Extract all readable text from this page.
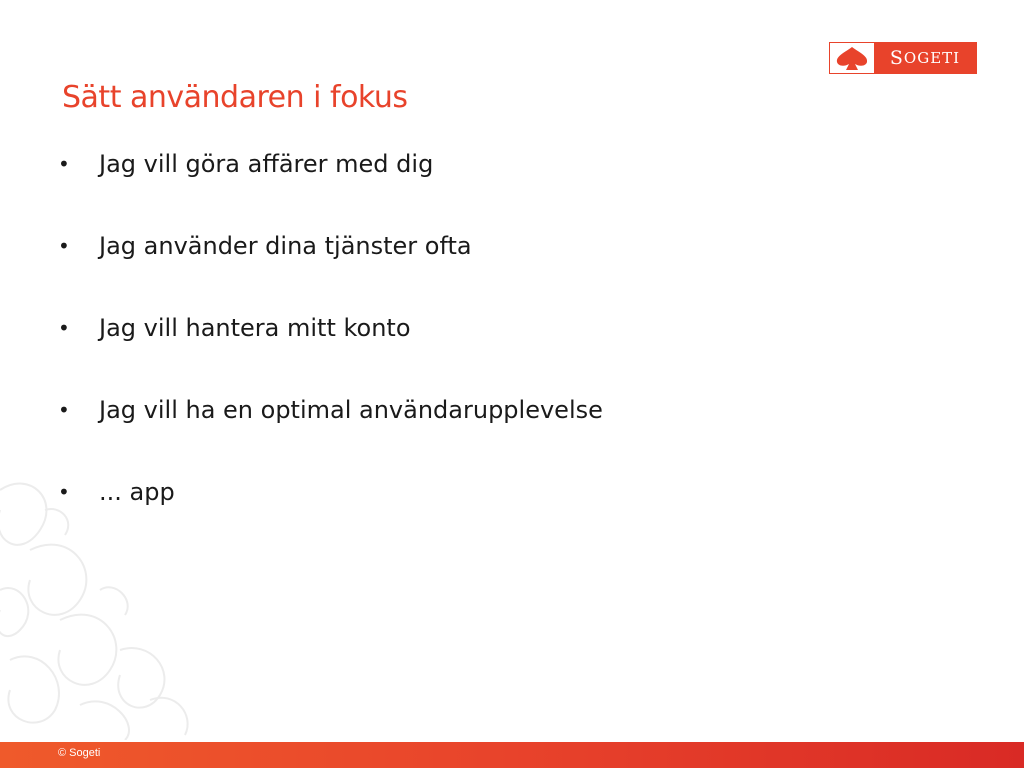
S OGETI
Sätt användaren i fokus
• Jag vill göra affärer med dig
• Jag använder dina tjänster ofta
• Jag vill hantera mitt konto
• Jag vill ha en optimal användarupplevelse
• ... app
© Sogeti
